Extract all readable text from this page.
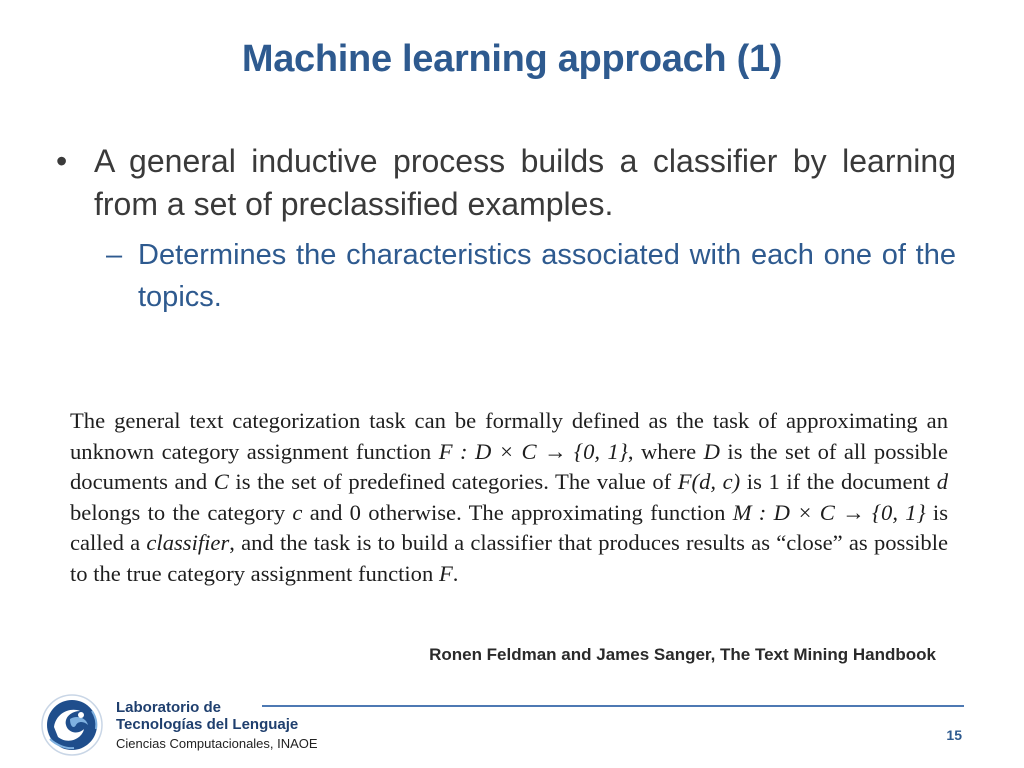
Machine learning approach (1)
• A general inductive process builds a classifier by learning from a set of preclassified examples.
– Determines the characteristics associated with each one of the topics.
The general text categorization task can be formally defined as the task of approximating an unknown category assignment function F : D × C → {0, 1}, where D is the set of all possible documents and C is the set of predefined categories. The value of F(d, c) is 1 if the document d belongs to the category c and 0 otherwise. The approximating function M : D × C → {0, 1} is called a classifier, and the task is to build a classifier that produces results as “close” as possible to the true category assignment function F.
Ronen Feldman and James Sanger, The Text Mining Handbook
Laboratorio de
Tecnologías del Lenguaje
Ciencias Computacionales, INAOE
15
